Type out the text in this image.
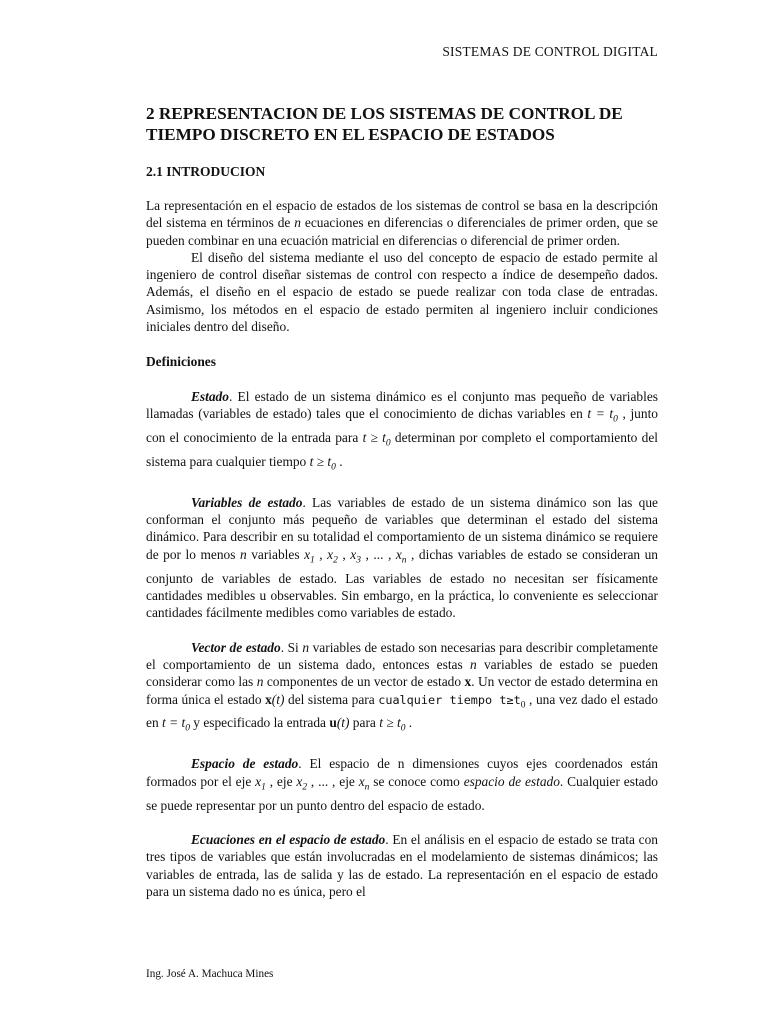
SISTEMAS DE CONTROL DIGITAL
2 REPRESENTACION DE LOS SISTEMAS DE CONTROL DE
TIEMPO DISCRETO EN EL ESPACIO DE ESTADOS
2.1 INTRODUCION

La representación en el espacio de estados de los sistemas de control se basa en la descripción del sistema en términos de n ecuaciones en diferencias o diferenciales de primer orden, que se pueden combinar en una ecuación matricial en diferencias o diferencial de primer orden.

El diseño del sistema mediante el uso del concepto de espacio de estado permite al ingeniero de control diseñar sistemas de control con respecto a índice de desempeño dados. Además, el diseño en el espacio de estado se puede realizar con toda clase de entradas. Asimismo, los métodos en el espacio de estado permiten al ingeniero incluir condiciones iniciales dentro del diseño.

Definiciones

Estado. El estado de un sistema dinámico es el conjunto mas pequeño de variables llamadas (variables de estado) tales que el conocimiento de dichas variables en $t = t_0$ , junto con el conocimiento de la entrada para $t \ge t_0$ determinan por completo el comportamiento del sistema para cualquier tiempo $t \ge t_0$ .

Variables de estado. Las variables de estado de un sistema dinámico son las que conforman el conjunto más pequeño de variables que determinan el estado del sistema dinámico. Para describir en su totalidad el comportamiento de un sistema dinámico se requiere de por lo menos n variables $x_1$ , $x_2$ , $x_3$ , ... , $x_n$ , dichas variables de estado se consideran un conjunto de variables de estado. Las variables de estado no necesitan ser físicamente cantidades medibles u observables. Sin embargo, en la práctica, lo conveniente es seleccionar cantidades fácilmente medibles como variables de estado.

Vector de estado. Si n variables de estado son necesarias para describir completamente el comportamiento de un sistema dado, entonces estas n variables de estado se pueden considerar como las n componentes de un vector de estado x. Un vector de estado determina en forma única el estado x(t) del sistema para cualquier tiempo $t\ge t_0$ , una vez dado el estado en $t = t_0$ y especificado la entrada u(t) para $t \ge t_0$ .

Espacio de estado. El espacio de n dimensiones cuyos ejes coordenados están formados por el eje $x_1$ , eje $x_2$ , ... , eje $x_n$ se conoce como espacio de estado. Cualquier estado se puede representar por un punto dentro del espacio de estado.

Ecuaciones en el espacio de estado. En el análisis en el espacio de estado se trata con tres tipos de variables que están involucradas en el modelamiento de sistemas dinámicos; las variables de entrada, las de salida y las de estado. La representación en el espacio de estado para un sistema dado no es única, pero el

Ing. José A. Machuca Mines
